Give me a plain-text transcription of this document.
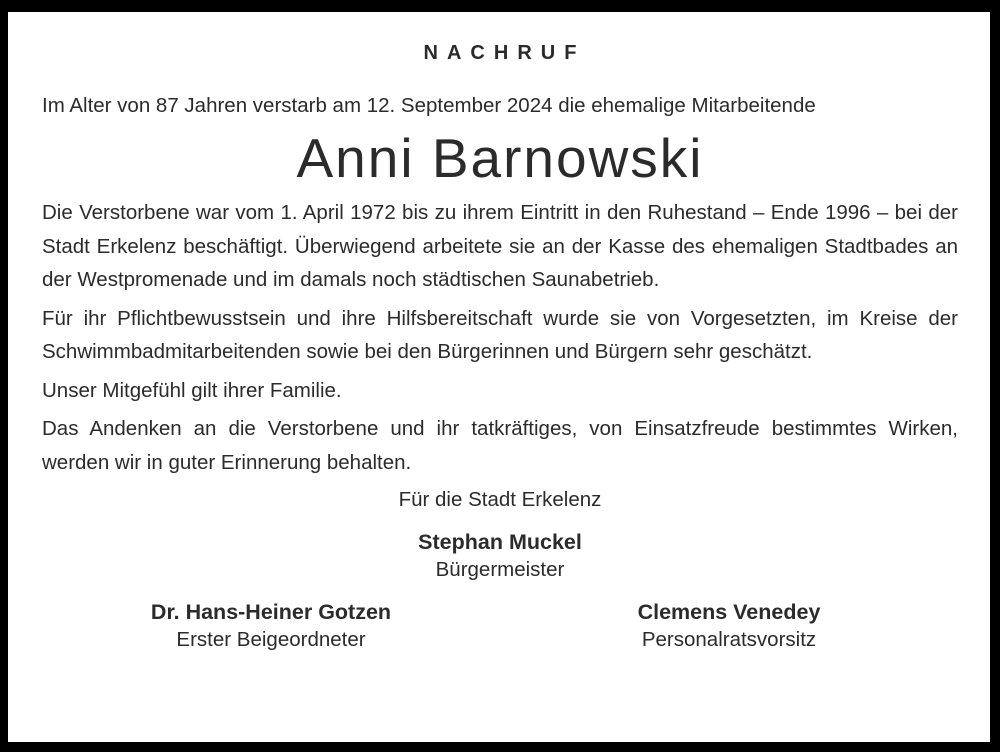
NACHRUF

Im Alter von 87 Jahren verstarb am 12. September 2024 die ehemalige Mitarbeitende

Anni Barnowski

Die Verstorbene war vom 1. April 1972 bis zu ihrem Eintritt in den Ruhestand – Ende 1996 – bei der Stadt Erkelenz beschäftigt. Überwiegend arbeitete sie an der Kasse des ehemaligen Stadtbades an der Westpromenade und im damals noch städtischen Saunabetrieb.

Für ihr Pflichtbewusstsein und ihre Hilfsbereitschaft wurde sie von Vorgesetzten, im Kreise der Schwimmbadmitarbeitenden sowie bei den Bürgerinnen und Bürgern sehr geschätzt.

Unser Mitgefühl gilt ihrer Familie.

Das Andenken an die Verstorbene und ihr tatkräftiges, von Einsatzfreude bestimmtes Wirken, werden wir in guter Erinnerung behalten.

Für die Stadt Erkelenz

Stephan Muckel
Bürgermeister
Dr. Hans-Heiner Gotzen
Erster Beigeordneter
Clemens Venedey
Personalratsvorsitz
